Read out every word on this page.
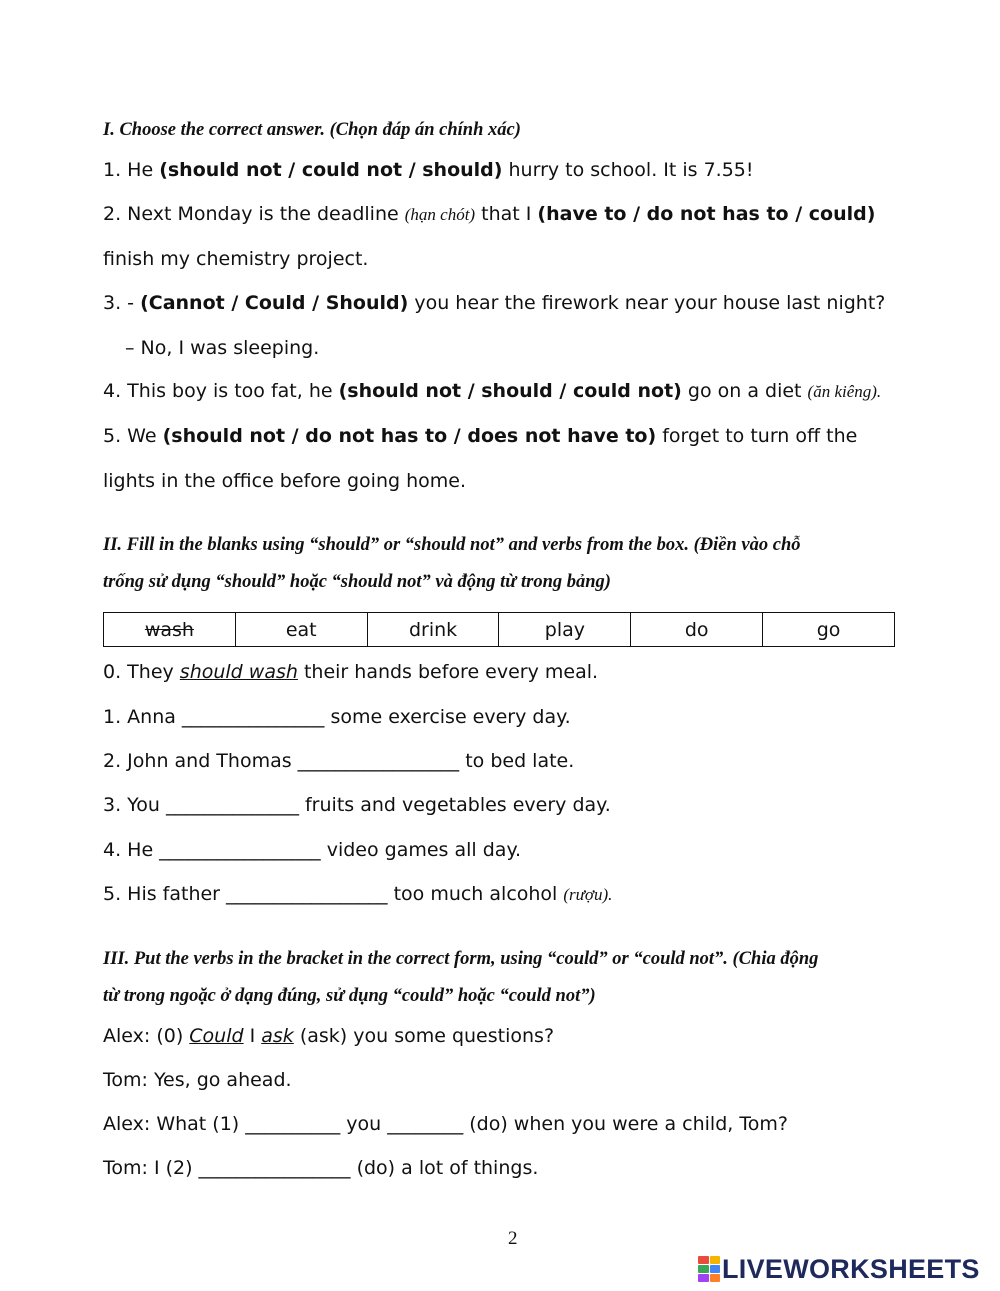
I. Choose the correct answer. (Chọn đáp án chính xác)
1. He (should not / could not / should) hurry to school. It is 7.55!
2. Next Monday is the deadline (hạn chót) that I (have to / do not has to / could)
finish my chemistry project.
3. - (Cannot / Could / Should) you hear the firework near your house last night?
– No, I was sleeping.
4. This boy is too fat, he (should not / should / could not) go on a diet (ăn kiêng).
5. We (should not / do not has to / does not have to) forget to turn off the
lights in the office before going home.
II. Fill in the blanks using “should” or “should not” and verbs from the box. (Điền vào chỗ
trống sử dụng “should” hoặc “should not” và động từ trong bảng)
wash	eat	drink	play	do	go
0. They should wash their hands before every meal.
1. Anna _______________ some exercise every day.
2. John and Thomas _________________ to bed late.
3. You ______________ fruits and vegetables every day.
4. He _________________ video games all day.
5. His father _________________ too much alcohol (rượu).
III. Put the verbs in the bracket in the correct form, using “could” or “could not”. (Chia động
từ trong ngoặc ở dạng đúng, sử dụng “could” hoặc “could not”)
Alex: (0) Could I ask (ask) you some questions?
Tom: Yes, go ahead.
Alex: What (1) __________ you ________ (do) when you were a child, Tom?
Tom: I (2) ________________ (do) a lot of things.
2
LIVEWORKSHEETS
